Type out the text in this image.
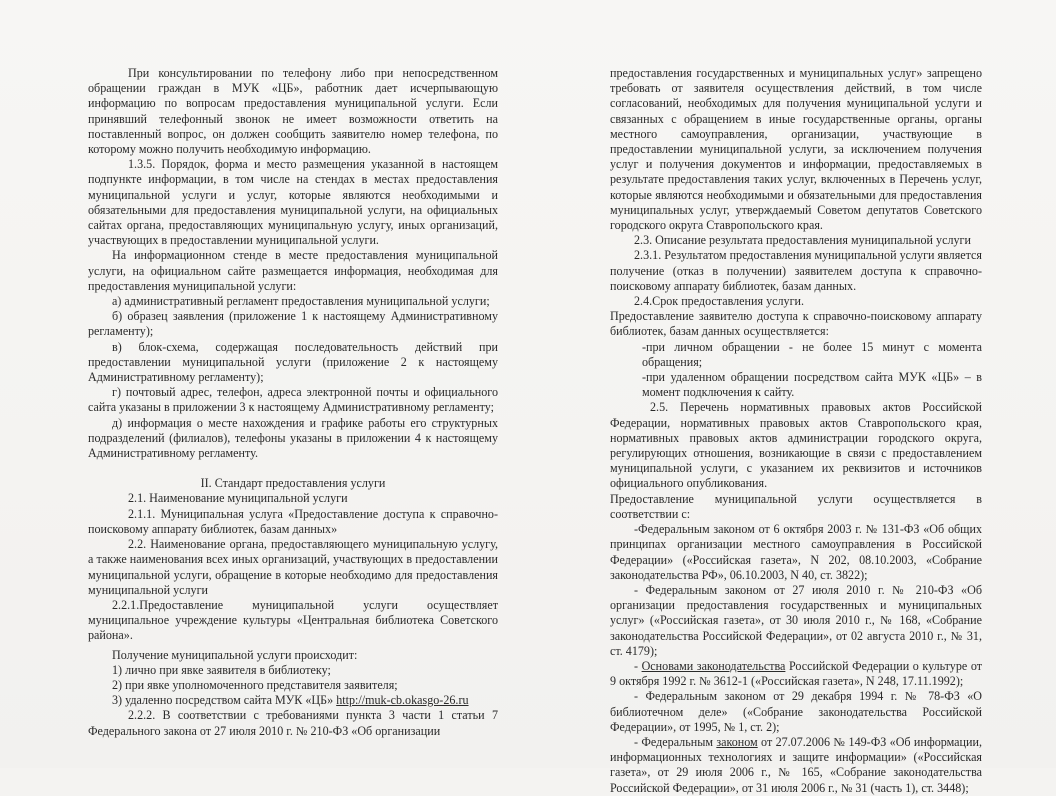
При консультировании по телефону либо при непосредственном обращении граждан в МУК «ЦБ», работник дает исчерпывающую информацию по вопросам предоставления муниципальной услуги. Если принявший телефонный звонок не имеет возможности ответить на поставленный вопрос, он должен сообщить заявителю номер телефона, по которому можно получить необходимую информацию.

1.3.5. Порядок, форма и место размещения указанной в настоящем подпункте информации, в том числе на стендах в местах предоставления муниципальной услуги и услуг, которые являются необходимыми и обязательными для предоставления муниципальной услуги, на официальных сайтах органа, предоставляющих муниципальную услугу, иных организаций, участвующих в предоставлении муниципальной услуги.

На информационном стенде в месте предоставления муниципальной услуги, на официальном сайте размещается информация, необходимая для предоставления муниципальной услуги:

а) административный регламент предоставления муниципальной услуги;

б) образец заявления (приложение 1 к настоящему Административному регламенту);

в) блок-схема, содержащая последовательность действий при предоставлении муниципальной услуги (приложение 2 к настоящему Административному регламенту);

г) почтовый адрес, телефон, адреса электронной почты и официального сайта указаны в приложении 3 к настоящему Административному регламенту;

д) информация о месте нахождения и графике работы его структурных подразделений (филиалов), телефоны указаны в приложении 4 к настоящему Административному регламенту.

II. Стандарт предоставления услуги

2.1. Наименование муниципальной услуги

2.1.1. Муниципальная услуга «Предоставление доступа к справочно-поисковому аппарату библиотек, базам данных»

2.2. Наименование органа, предоставляющего муниципальную услугу, а также наименования всех иных организаций, участвующих в предоставлении муниципальной услуги, обращение в которые необходимо для предоставления муниципальной услуги

2.2.1.Предоставление муниципальной услуги осуществляет муниципальное учреждение культуры «Центральная библиотека Советского района».

Получение муниципальной услуги происходит:

1) лично при явке заявителя в библиотеку;

2) при явке уполномоченного представителя заявителя;

3) удаленно посредством сайта МУК «ЦБ» http://muk-cb.okasgo-26.ru

2.2.2. В соответствии с требованиями пункта 3 части 1 статьи 7 Федерального закона от 27 июля 2010 г. № 210-ФЗ «Об организации

предоставления государственных и муниципальных услуг» запрещено требовать от заявителя осуществления действий, в том числе согласований, необходимых для получения муниципальной услуги и связанных с обращением в иные государственные органы, органы местного самоуправления, организации, участвующие в предоставлении муниципальной услуги, за исключением получения услуг и получения документов и информации, предоставляемых в результате предоставления таких услуг, включенных в Перечень услуг, которые являются необходимыми и обязательными для предоставления муниципальных услуг, утверждаемый Советом депутатов Советского городского округа Ставропольского края.

2.3. Описание результата предоставления муниципальной услуги

2.3.1. Результатом предоставления муниципальной услуги является получение (отказ в получении) заявителем доступа к справочно-поисковому аппарату библиотек, базам данных.

2.4.Срок предоставления услуги.

Предоставление заявителю доступа к справочно-поисковому аппарату библиотек, базам данных осуществляется:

-при личном обращении - не более 15 минут с момента обращения;

-при удаленном обращении посредством сайта МУК «ЦБ» – в момент подключения к сайту.

2.5. Перечень нормативных правовых актов Российской Федерации, нормативных правовых актов Ставропольского края, нормативных правовых актов администрации городского округа, регулирующих отношения, возникающие в связи с предоставлением муниципальной услуги, с указанием их реквизитов и источников официального опубликования.

Предоставление муниципальной услуги осуществляется в соответствии с:

-Федеральным законом от 6 октября 2003 г. № 131-ФЗ «Об общих принципах организации местного самоуправления в Российской Федерации» («Российская газета», N 202, 08.10.2003, «Собрание законодательства РФ», 06.10.2003, N 40, ст. 3822);

- Федеральным законом от 27 июля 2010 г. № 210-ФЗ «Об организации предоставления государственных и муниципальных услуг» («Российская газета», от 30 июля 2010 г., № 168, «Собрание законодательства Российской Федерации», от 02 августа 2010 г., № 31, ст. 4179);

- Основами законодательства Российской Федерации о культуре от 9 октября 1992 г. № 3612-1 («Российская газета», N 248, 17.11.1992);

- Федеральным законом от 29 декабря 1994 г. № 78-ФЗ «О библиотечном деле» («Собрание законодательства Российской Федерации», от 1995, № 1, ст. 2);

- Федеральным законом от 27.07.2006 № 149-ФЗ «Об информации, информационных технологиях и защите информации» («Российская газета», от 29 июля 2006 г., № 165, «Собрание законодательства Российской Федерации», от 31 июля 2006 г., № 31 (часть 1), ст. 3448);
